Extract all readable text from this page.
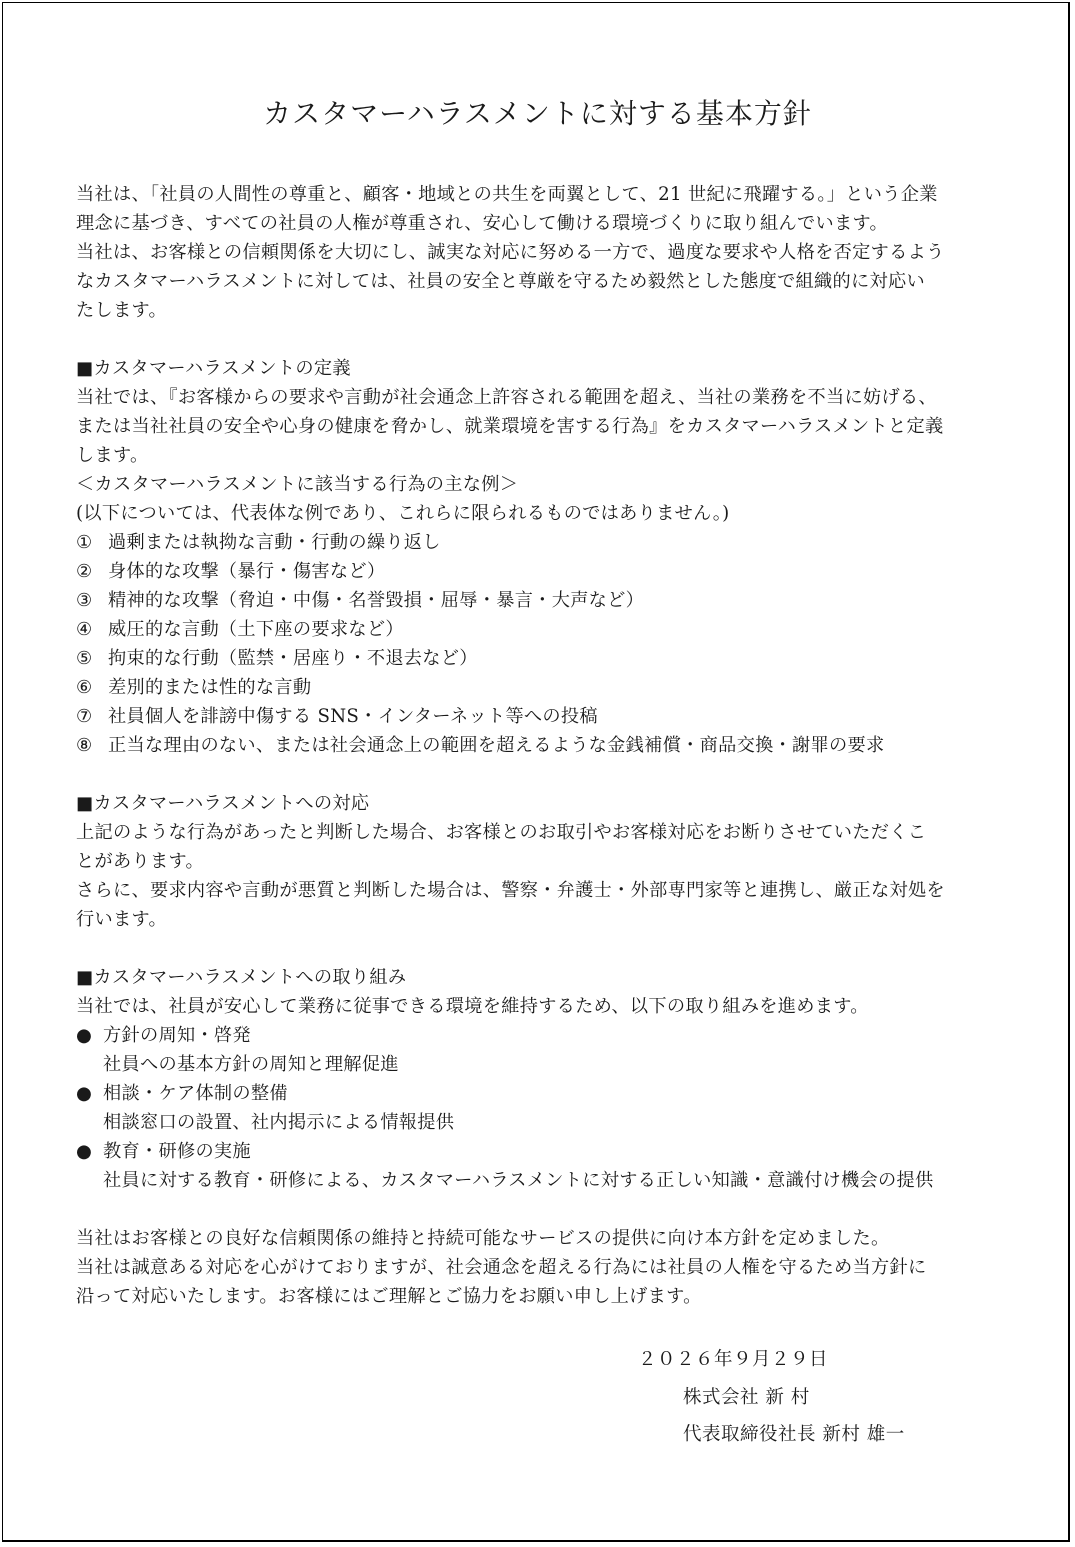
カスタマーハラスメントに対する基本方針
当社は、「社員の人間性の尊重と、顧客・地域との共生を両翼として、21 世紀に飛躍する。」という企業
理念に基づき、すべての社員の人権が尊重され、安心して働ける環境づくりに取り組んでいます。
当社は、お客様との信頼関係を大切にし、誠実な対応に努める一方で、過度な要求や人格を否定するよう
なカスタマーハラスメントに対しては、社員の安全と尊厳を守るため毅然とした態度で組織的に対応い
たします。
■カスタマーハラスメントの定義
当社では、『お客様からの要求や言動が社会通念上許容される範囲を超え、当社の業務を不当に妨げる、
または当社社員の安全や心身の健康を脅かし、就業環境を害する行為』をカスタマーハラスメントと定義
します。
＜カスタマーハラスメントに該当する行為の主な例＞
(以下については、代表体な例であり、これらに限られるものではありません。)
① 過剰または執拗な言動・行動の繰り返し
② 身体的な攻撃（暴行・傷害など）
③ 精神的な攻撃（脅迫・中傷・名誉毀損・屈辱・暴言・大声など）
④ 威圧的な言動（土下座の要求など）
⑤ 拘束的な行動（監禁・居座り・不退去など）
⑥ 差別的または性的な言動
⑦ 社員個人を誹謗中傷する SNS・インターネット等への投稿
⑧ 正当な理由のない、または社会通念上の範囲を超えるような金銭補償・商品交換・謝罪の要求
■カスタマーハラスメントへの対応
上記のような行為があったと判断した場合、お客様とのお取引やお客様対応をお断りさせていただくこ
とがあります。
さらに、要求内容や言動が悪質と判断した場合は、警察・弁護士・外部専門家等と連携し、厳正な対処を
行います。
■カスタマーハラスメントへの取り組み
当社では、社員が安心して業務に従事できる環境を維持するため、以下の取り組みを進めます。
● 方針の周知・啓発
社員への基本方針の周知と理解促進
● 相談・ケア体制の整備
相談窓口の設置、社内掲示による情報提供
● 教育・研修の実施
社員に対する教育・研修による、カスタマーハラスメントに対する正しい知識・意識付け機会の提供
当社はお客様との良好な信頼関係の維持と持続可能なサービスの提供に向け本方針を定めました。
当社は誠意ある対応を心がけておりますが、社会通念を超える行為には社員の人権を守るため当方針に
沿って対応いたします。お客様にはご理解とご協力をお願い申し上げます。
２０２６年９月２９日
株式会社 新 村
代表取締役社長 新村 雄一
